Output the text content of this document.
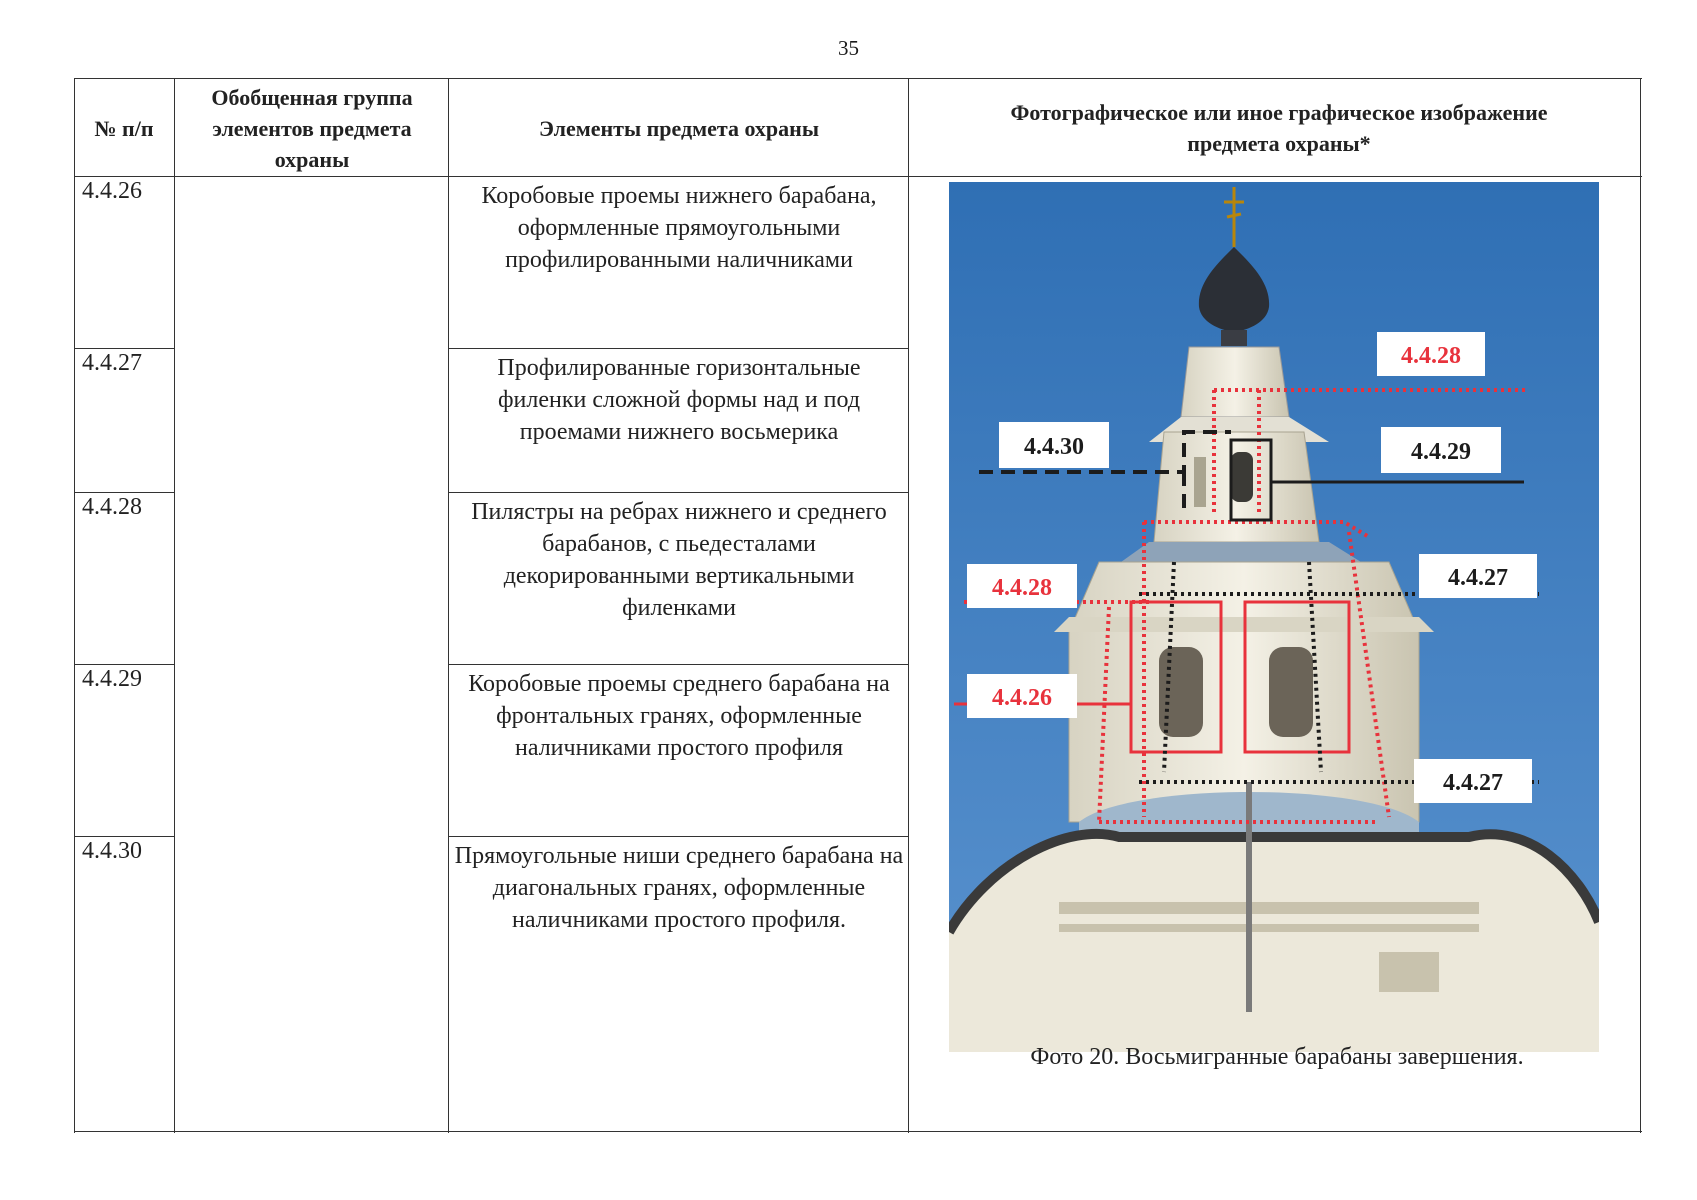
35
№ п/п
Обобщенная группа элементов предмета охраны
Элементы предмета охраны
Фотографическое или иное графическое изображение предмета охраны*
4.4.26
4.4.27
4.4.28
4.4.29
4.4.30
Коробовые проемы нижнего барабана, оформленные прямоугольными профилированными наличниками
Профилированные горизонтальные филенки сложной формы над и под проемами нижнего восьмерика
Пилястры на ребрах нижнего и среднего барабанов, с пьедесталами декорированными вертикальными филенками
Коробовые проемы среднего барабана на фронтальных гранях, оформленные наличниками простого профиля
Прямоугольные ниши среднего барабана на диагональных гранях, оформленные наличниками простого профиля.
4.4.28
4.4.30	4.4.29
4.4.28	4.4.27
4.4.26
4.4.27
Фото 20. Восьмигранные барабаны завершения.
